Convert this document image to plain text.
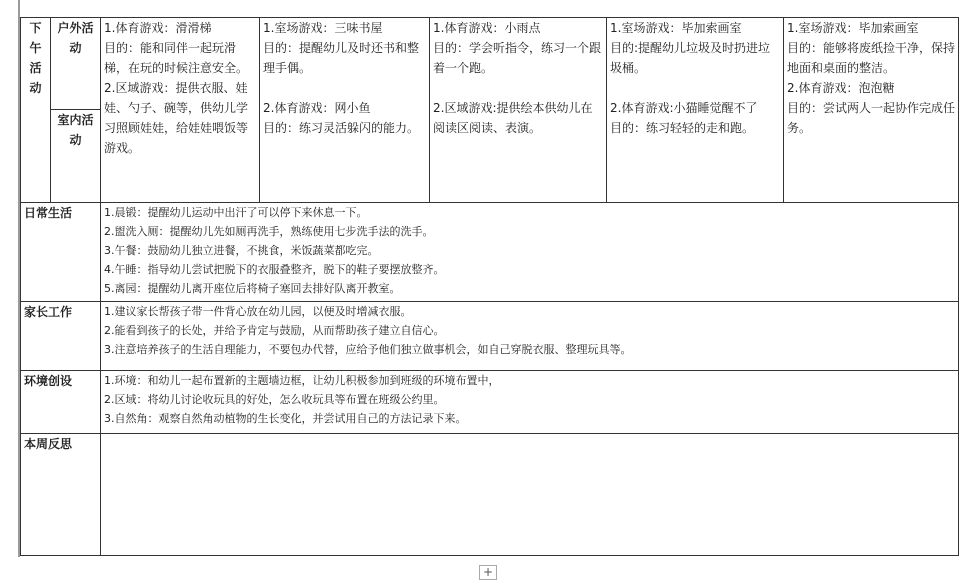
下午活动	户外活动	1.体育游戏：滑滑梯
目的：能和同伴一起玩滑梯，在玩的时候注意安全。
2.区域游戏：提供衣服、娃娃、勺子、碗等，供幼儿学习照顾娃娃，给娃娃喂饭等游戏。	1.室场游戏：三味书屋
目的：提醒幼儿及时还书和整理手偶。
2.体育游戏：网小鱼
目的：练习灵活躲闪的能力。	1.体育游戏：小雨点
目的：学会听指令，练习一个跟着一个跑。
2.区域游戏:提供绘本供幼儿在阅读区阅读、表演。	1.室场游戏：毕加索画室
目的:提醒幼儿垃圾及时扔进垃圾桶。
2.体育游戏:小猫睡觉醒不了
目的：练习轻轻的走和跑。	1.室场游戏：毕加索画室
目的：能够将废纸捡干净，保持地面和桌面的整洁。
2.体育游戏：泡泡糖
目的：尝试两人一起协作完成任务。

	室内活动					
日常生活		1.晨锻：提醒幼儿运动中出汗了可以停下来休息一下。
2.盥洗入厕：提醒幼儿先如厕再洗手，熟练使用七步洗手法的洗手。
3.午餐：鼓励幼儿独立进餐，不挑食，米饭蔬菜都吃完。
4.午睡：指导幼儿尝试把脱下的衣服叠整齐，脱下的鞋子要摆放整齐。
5.离园：提醒幼儿离开座位后将椅子塞回去排好队离开教室。				

家长工作		1.建议家长帮孩子带一件背心放在幼儿园，以便及时增减衣服。
2.能看到孩子的长处，并给予肯定与鼓励，从而帮助孩子建立自信心。
3.注意培养孩子的生活自理能力，不要包办代替，应给予他们独立做事机会，如自己穿脱衣服、整理玩具等。				

环境创设		1.环境：和幼儿一起布置新的主题墙边框，让幼儿积极参加到班级的环境布置中，
2.区域：将幼儿讨论收玩具的好处，怎么收玩具等布置在班级公约里。
3.自然角：观察自然角动植物的生长变化，并尝试用自己的方法记录下来。				

本周反思						
+
